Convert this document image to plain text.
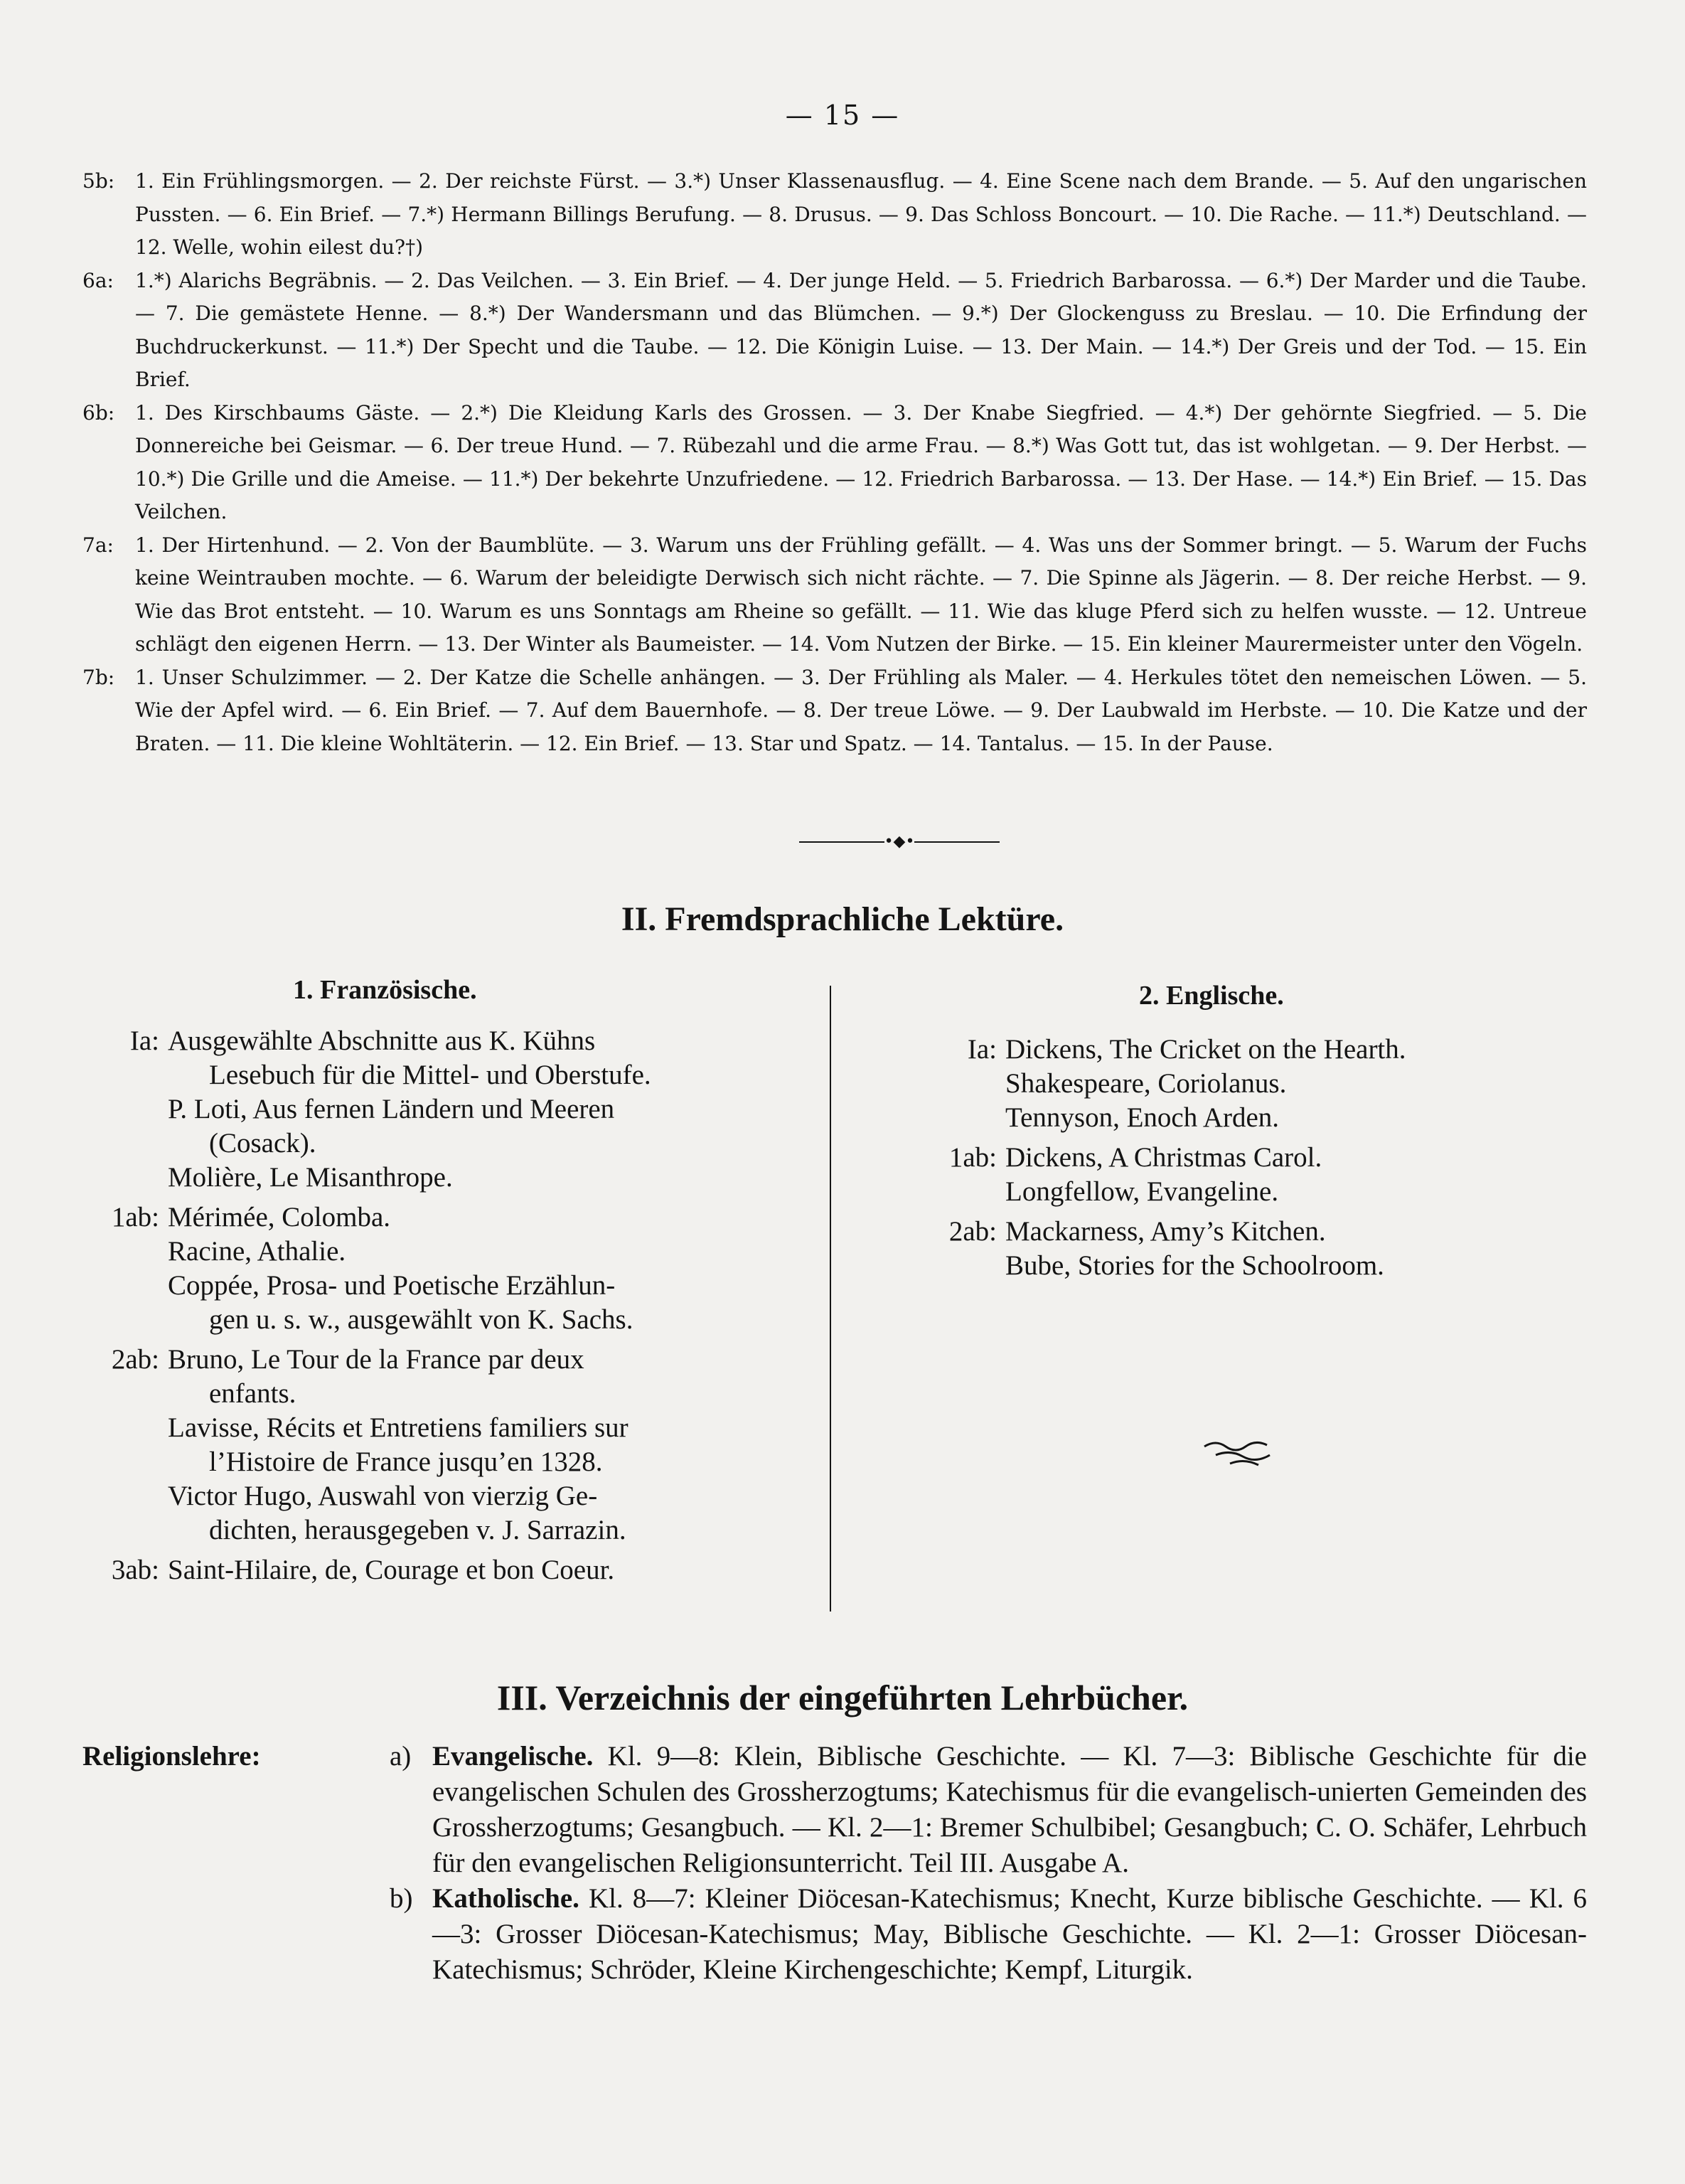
— 15 —
5b:	1. Ein Frühlingsmorgen. — 2. Der reichste Fürst. — 3.*) Unser Klassenausflug. — 4. Eine Scene nach dem Brande. — 5. Auf den ungarischen Pussten. — 6. Ein Brief. — 7.*) Hermann Billings Berufung. — 8. Drusus. — 9. Das Schloss Boncourt. — 10. Die Rache. — 11.*) Deutschland. — 12. Welle, wohin eilest du?†)
6a:	1.*) Alarichs Begräbnis. — 2. Das Veilchen. — 3. Ein Brief. — 4. Der junge Held. — 5. Friedrich Barbarossa. — 6.*) Der Marder und die Taube. — 7. Die gemästete Henne. — 8.*) Der Wandersmann und das Blümchen. — 9.*) Der Glockenguss zu Breslau. — 10. Die Erfindung der Buchdruckerkunst. — 11.*) Der Specht und die Taube. — 12. Die Königin Luise. — 13. Der Main. — 14.*) Der Greis und der Tod. — 15. Ein Brief.
6b:	1. Des Kirschbaums Gäste. — 2.*) Die Kleidung Karls des Grossen. — 3. Der Knabe Siegfried. — 4.*) Der gehörnte Siegfried. — 5. Die Donnereiche bei Geismar. — 6. Der treue Hund. — 7. Rübezahl und die arme Frau. — 8.*) Was Gott tut, das ist wohlgetan. — 9. Der Herbst. — 10.*) Die Grille und die Ameise. — 11.*) Der bekehrte Unzufriedene. — 12. Friedrich Barbarossa. — 13. Der Hase. — 14.*) Ein Brief. — 15. Das Veilchen.
7a:	1. Der Hirtenhund. — 2. Von der Baumblüte. — 3. Warum uns der Frühling gefällt. — 4. Was uns der Sommer bringt. — 5. Warum der Fuchs keine Weintrauben mochte. — 6. Warum der beleidigte Derwisch sich nicht rächte. — 7. Die Spinne als Jägerin. — 8. Der reiche Herbst. — 9. Wie das Brot entsteht. — 10. Warum es uns Sonntags am Rheine so gefällt. — 11. Wie das kluge Pferd sich zu helfen wusste. — 12. Untreue schlägt den eigenen Herrn. — 13. Der Winter als Baumeister. — 14. Vom Nutzen der Birke. — 15. Ein kleiner Maurermeister unter den Vögeln.
7b:	1. Unser Schulzimmer. — 2. Der Katze die Schelle anhängen. — 3. Der Frühling als Maler. — 4. Herkules tötet den nemeischen Löwen. — 5. Wie der Apfel wird. — 6. Ein Brief. — 7. Auf dem Bauernhofe. — 8. Der treue Löwe. — 9. Der Laubwald im Herbste. — 10. Die Katze und der Braten. — 11. Die kleine Wohltäterin. — 12. Ein Brief. — 13. Star und Spatz. — 14. Tantalus. — 15. In der Pause.
•◆•
II. Fremdsprachliche Lektüre.
1. Französische.	2. Englische.
Ia: Ausgewählte Abschnitte aus K. Kühns
Lesebuch für die Mittel- und Oberstufe.
P. Loti, Aus fernen Ländern und Meeren
(Cosack).
Molière, Le Misanthrope.
1ab: Mérimée, Colomba.
Racine, Athalie.
Coppée, Prosa- und Poetische Erzählun-
gen u. s. w., ausgewählt von K. Sachs.
2ab: Bruno, Le Tour de la France par deux
enfants.
Lavisse, Récits et Entretiens familiers sur
l’Histoire de France jusqu’en 1328.
Victor Hugo, Auswahl von vierzig Ge-
dichten, herausgegeben v. J. Sarrazin.
3ab: Saint-Hilaire, de, Courage et bon Coeur.
Ia: Dickens, The Cricket on the Hearth.
Shakespeare, Coriolanus.
Tennyson, Enoch Arden.
1ab: Dickens, A Christmas Carol.
Longfellow, Evangeline.
2ab: Mackarness, Amy’s Kitchen.
Bube, Stories for the Schoolroom.
III. Verzeichnis der eingeführten Lehrbücher.
Religionslehre:	a) Evangelische. Kl. 9—8: Klein, Biblische Geschichte. — Kl. 7—3: Biblische Geschichte für die evangelischen Schulen des Grossherzogtums; Katechismus für die evangelisch-unierten Gemeinden des Grossherzogtums; Gesangbuch. — Kl. 2—1: Bremer Schulbibel; Gesangbuch; C. O. Schäfer, Lehrbuch für den evangelischen Religionsunterricht. Teil III. Ausgabe A.
b) Katholische. Kl. 8—7: Kleiner Diöcesan-Katechismus; Knecht, Kurze biblische Geschichte. — Kl. 6—3: Grosser Diöcesan-Katechismus; May, Biblische Geschichte. — Kl. 2—1: Grosser Diöcesan-Katechismus; Schröder, Kleine Kirchengeschichte; Kempf, Liturgik.
